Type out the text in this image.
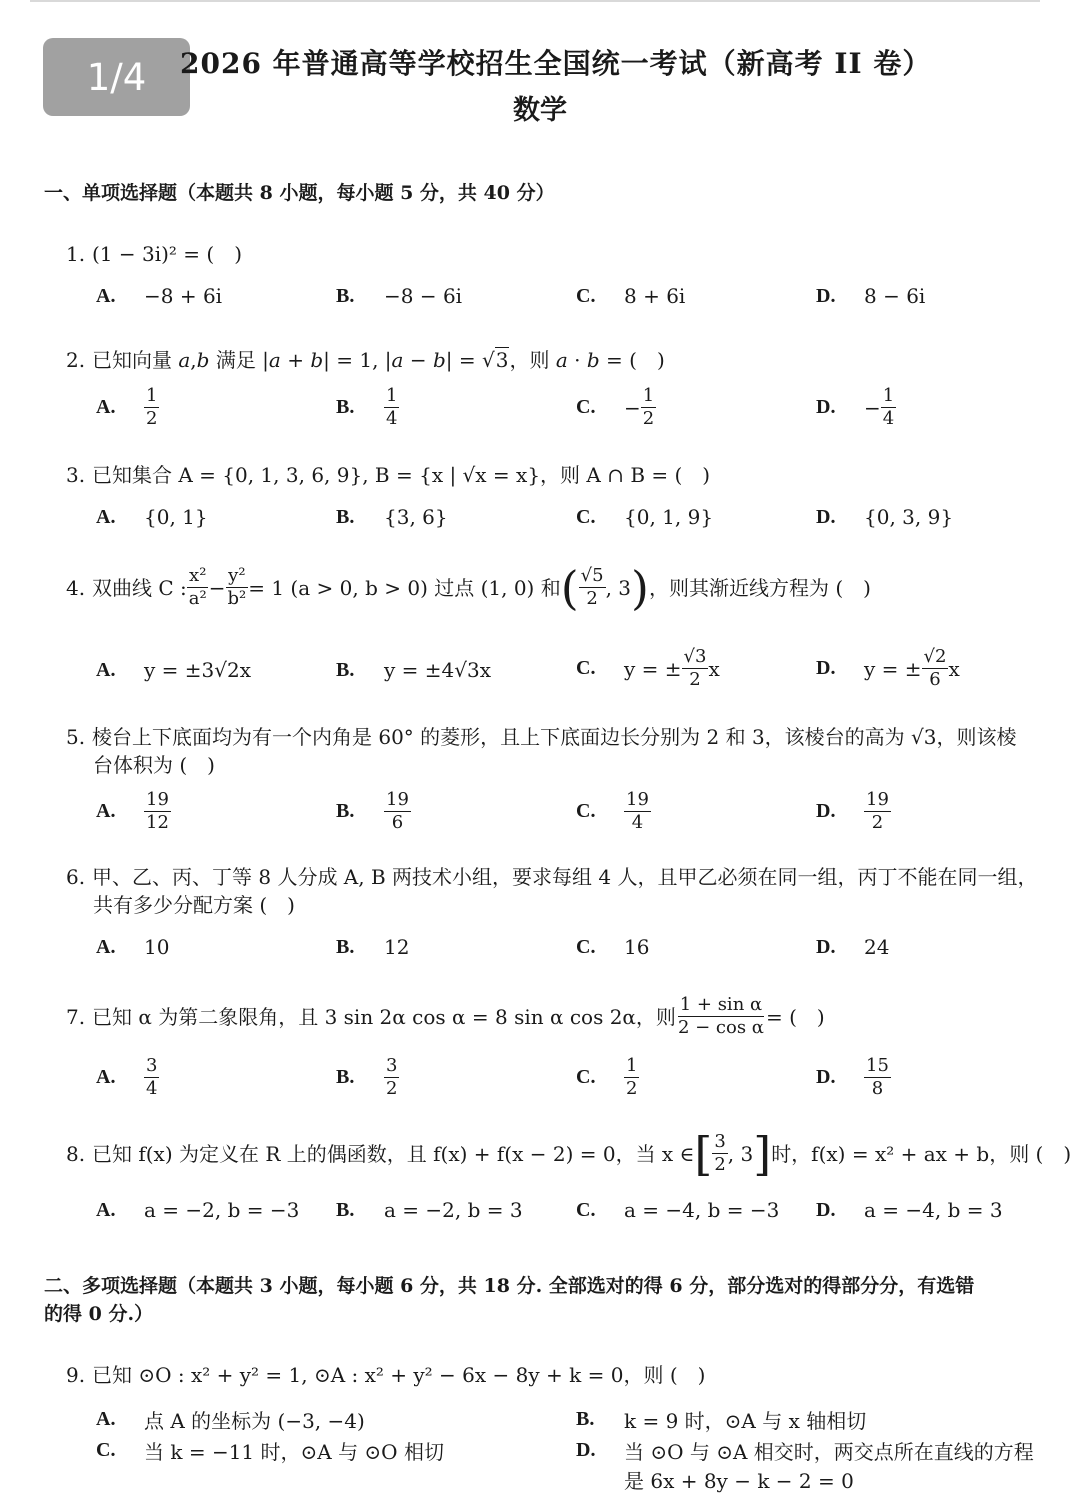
1/4	2026 年普通高等学校招生全国统一考试（新高考 II 卷）
数学
一、单项选择题（本题共 8 小题，每小题 5 分，共 40 分）
1. (1 − 3i)² = (　)
A.	−8 + 6i	B.	−8 − 6i	C.	8 + 6i	D.	8 − 6i
2. 已知向量 a,b 满足 |a + b| = 1, |a − b| = √3，则 a · b = (　)
A.	$\frac{1}{2}$	B.	$\frac{1}{4}$	C.	− $\frac{1}{2}$	D.	− $\frac{1}{4}$
3. 已知集合 A = {0, 1, 3, 6, 9}, B = {x | √x = x}，则 A ∩ B = (　)
A.	{0, 1}	B.	{3, 6}	C.	{0, 1, 9}	D.	{0, 3, 9}
4. 双曲线 C : $\frac{\text{x²}}{\text{a²}} - \frac{\text{y²}}{\text{b²}} = 1$ (a > 0, b > 0) 过点 (1, 0) 和 ( $\frac{√5}{2}$ , 3 ) ，则其渐近线方程为 (　)
A.	y = ±3√2x	B.	y = ±4√3x	C.	y = ± $\frac{√3}{2}$ x	D.	y = ± $\frac{√2}{6}$ x
5. 棱台上下底面均为有一个内角是 60° 的菱形，且上下底面边长分别为 2 和 3，该棱台的高为 √3，则该棱
台体积为 (　)
A.	$\frac{19}{12}$	B.	$\frac{19}{6}$	C.	$\frac{19}{4}$	D.	$\frac{19}{2}$
6. 甲、乙、丙、丁等 8 人分成 A, B 两技术小组，要求每组 4 人，且甲乙必须在同一组，丙丁不能在同一组，
共有多少分配方案 (　)
A.	10	B.	12	C.	16	D.	24
7. 已知 α 为第二象限角，且 3 sin 2α cos α = 8 sin α cos 2α，则 $\frac{\text{1 + sin α}}{\text{2 − cos α}}$ = (　)
A.	$\frac{3}{4}$	B.	$\frac{3}{2}$	C.	$\frac{1}{2}$	D.	$\frac{15}{8}$
8. 已知 f(x) 为定义在 R 上的偶函数，且 f(x) + f(x − 2) = 0，当 x ∈ [ $\frac{3}{2}$ , 3 ] 时，f(x) = x² + ax + b，则 (　)
A.	a = −2, b = −3 B.	a = −2, b = 3	C.	a = −4, b = −3 D.	a = −4, b = 3
二、多项选择题（本题共 3 小题，每小题 6 分，共 18 分. 全部选对的得 6 分，部分选对的得部分分，有选错
的得 0 分.）
9. 已知 ⊙O : x² + y² = 1, ⊙A : x² + y² − 6x − 8y + k = 0，则 (　)
A.	点 A 的坐标为 (−3, −4)	B.	k = 9 时，⊙A 与 x 轴相切
C.	当 k = −11 时，⊙A 与 ⊙O 相切	D.	当 ⊙O 与 ⊙A 相交时，两交点所在直线的方程
是 6x + 8y − k − 2 = 0
